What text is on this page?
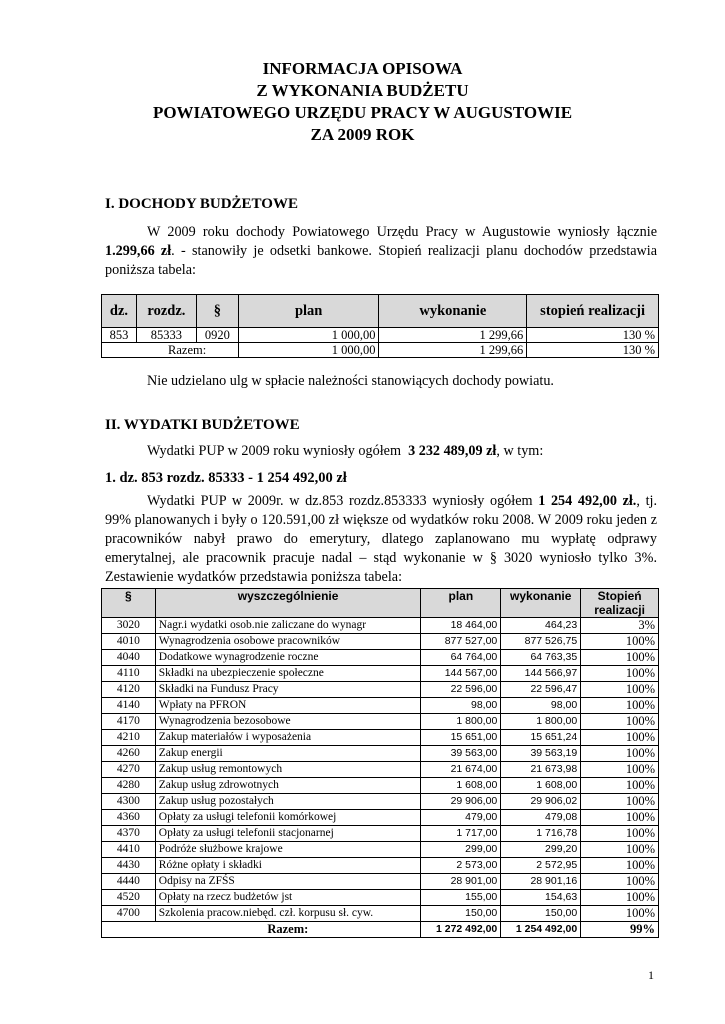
INFORMACJA OPISOWA
Z WYKONANIA BUDŻETU
POWIATOWEGO URZĘDU PRACY W AUGUSTOWIE
ZA 2009 ROK
I. DOCHODY BUDŻETOWE

W 2009 roku dochody Powiatowego Urzędu Pracy w Augustowie wyniosły łącznie

1.299,66 zł. - stanowiły je odsetki bankowe. Stopień realizacji planu dochodów przedstawia poniższa tabela:

dz.	rozdz.	§	plan	wykonanie	stopień realizacji
853	85333	0920	1 000,00	1 299,66	130 %
	Razem:		1 000,00	1 299,66	130 %

Nie udzielano ulg w spłacie należności stanowiących dochody powiatu.

II. WYDATKI BUDŻETOWE

Wydatki PUP w 2009 roku wyniosły ogółem 3 232 489,09 zł, w tym:

1. dz. 853 rozdz. 85333 - 1 254 492,00 zł

Wydatki PUP w 2009r. w dz.853 rozdz.853333 wyniosły ogółem 1 254 492,00 zł., tj. 99% planowanych i były o 120.591,00 zł większe od wydatków roku 2008. W 2009 roku jeden z pracowników nabył prawo do emerytury, dlatego zaplanowano mu wypłatę odprawy emerytalnej, ale pracownik pracuje nadal – stąd wykonanie w § 3020 wyniosło tylko 3%. Zestawienie wydatków przedstawia poniższa tabela:

§	wyszczególnienie	plan	wykonanie	Stopień realizacji
3020	Nagr.i wydatki osob.nie zaliczane do wynagr	18 464,00	464,23	3%
4010	Wynagrodzenia osobowe pracowników	877 527,00	877 526,75	100%
4040	Dodatkowe wynagrodzenie roczne	64 764,00	64 763,35	100%
4110	Składki na ubezpieczenie społeczne	144 567,00	144 566,97	100%
4120	Składki na Fundusz Pracy	22 596,00	22 596,47	100%
4140	Wpłaty na PFRON	98,00	98,00	100%
4170	Wynagrodzenia bezosobowe	1 800,00	1 800,00	100%
4210	Zakup materiałów i wyposażenia	15 651,00	15 651,24	100%
4260	Zakup energii	39 563,00	39 563,19	100%
4270	Zakup usług remontowych	21 674,00	21 673,98	100%
4280	Zakup usług zdrowotnych	1 608,00	1 608,00	100%
4300	Zakup usług pozostałych	29 906,00	29 906,02	100%
4360	Opłaty za usługi telefonii komórkowej	479,00	479,08	100%
4370	Opłaty za usługi telefonii stacjonarnej	1 717,00	1 716,78	100%
4410	Podróże służbowe krajowe	299,00	299,20	100%
4430	Różne opłaty i składki	2 573,00	2 572,95	100%
4440	Odpisy na ZFŚS	28 901,00	28 901,16	100%
4520	Opłaty na rzecz budżetów jst	155,00	154,63	100%
4700	Szkolenia pracow.niebęd. czł. korpusu sł. cyw.	150,00	150,00	100%
	Razem:	1 272 492,00	1 254 492,00	99%
1
